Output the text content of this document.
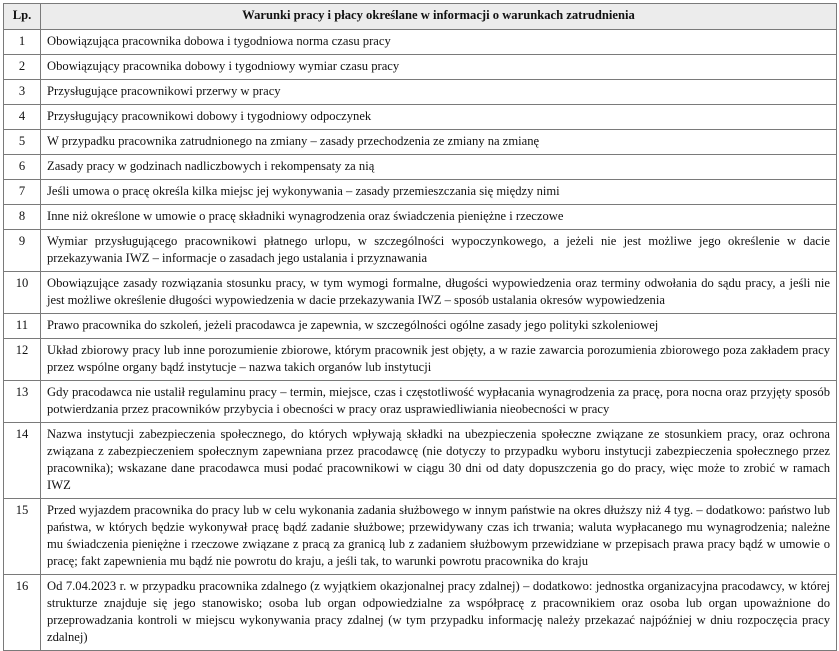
Lp.	Warunki pracy i płacy określane w informacji o warunkach zatrudnienia
1	Obowiązująca pracownika dobowa i tygodniowa norma czasu pracy
2	Obowiązujący pracownika dobowy i tygodniowy wymiar czasu pracy
3	Przysługujące pracownikowi przerwy w pracy
4	Przysługujący pracownikowi dobowy i tygodniowy odpoczynek
5	W przypadku pracownika zatrudnionego na zmiany – zasady przechodzenia ze zmiany na zmianę
6	Zasady pracy w godzinach nadliczbowych i rekompensaty za nią
7	Jeśli umowa o pracę określa kilka miejsc jej wykonywania – zasady przemieszczania się między nimi
8	Inne niż określone w umowie o pracę składniki wynagrodzenia oraz świadczenia pieniężne i rzeczowe
9	Wymiar przysługującego pracownikowi płatnego urlopu, w szczególności wypoczynkowego, a jeżeli nie jest możliwe jego określenie w dacie przekazywania IWZ – informacje o zasadach jego ustalania i przyznawania
10	Obowiązujące zasady rozwiązania stosunku pracy, w tym wymogi formalne, długości wypowiedzenia oraz terminy odwołania do sądu pracy, a jeśli nie jest możliwe określenie długości wypowiedzenia w dacie przekazywania IWZ – sposób ustalania okresów wypowiedzenia
11	Prawo pracownika do szkoleń, jeżeli pracodawca je zapewnia, w szczególności ogólne zasady jego polityki szkoleniowej
12	Układ zbiorowy pracy lub inne porozumienie zbiorowe, którym pracownik jest objęty, a w razie zawarcia porozumienia zbiorowego poza zakładem pracy przez wspólne organy bądź instytucje – nazwa takich organów lub instytucji
13	Gdy pracodawca nie ustalił regulaminu pracy – termin, miejsce, czas i częstotliwość wypłacania wynagrodzenia za pracę, pora nocna oraz przyjęty sposób potwierdzania przez pracowników przybycia i obecności w pracy oraz usprawiedliwiania nieobecności w pracy
14	Nazwa instytucji zabezpieczenia społecznego, do których wpływają składki na ubezpieczenia społeczne związane ze stosunkiem pracy, oraz ochrona związana z zabezpieczeniem społecznym zapewniana przez pracodawcę (nie dotyczy to przypadku wyboru instytucji zabezpieczenia społecznego przez pracownika); wskazane dane pracodawca musi podać pracownikowi w ciągu 30 dni od daty dopuszczenia go do pracy, więc może to zrobić w ramach IWZ
15	Przed wyjazdem pracownika do pracy lub w celu wykonania zadania służbowego w innym państwie na okres dłuższy niż 4 tyg. – dodatkowo: państwo lub państwa, w których będzie wykonywał pracę bądź zadanie służbowe; przewidywany czas ich trwania; waluta wypłacanego mu wynagrodzenia; należne mu świadczenia pieniężne i rzeczowe związane z pracą za granicą lub z zadaniem służbowym przewidziane w przepisach prawa pracy bądź w umowie o pracę; fakt zapewnienia mu bądź nie powrotu do kraju, a jeśli tak, to warunki powrotu pracownika do kraju
16	Od 7.04.2023 r. w przypadku pracownika zdalnego (z wyjątkiem okazjonalnej pracy zdalnej) – dodatkowo: jednostka organizacyjna pracodawcy, w której strukturze znajduje się jego stanowisko; osoba lub organ odpowiedzialne za współpracę z pracownikiem oraz osoba lub organ upoważnione do przeprowadzania kontroli w miejscu wykonywania pracy zdalnej (w tym przypadku informację należy przekazać najpóźniej w dniu rozpoczęcia pracy zdalnej)
